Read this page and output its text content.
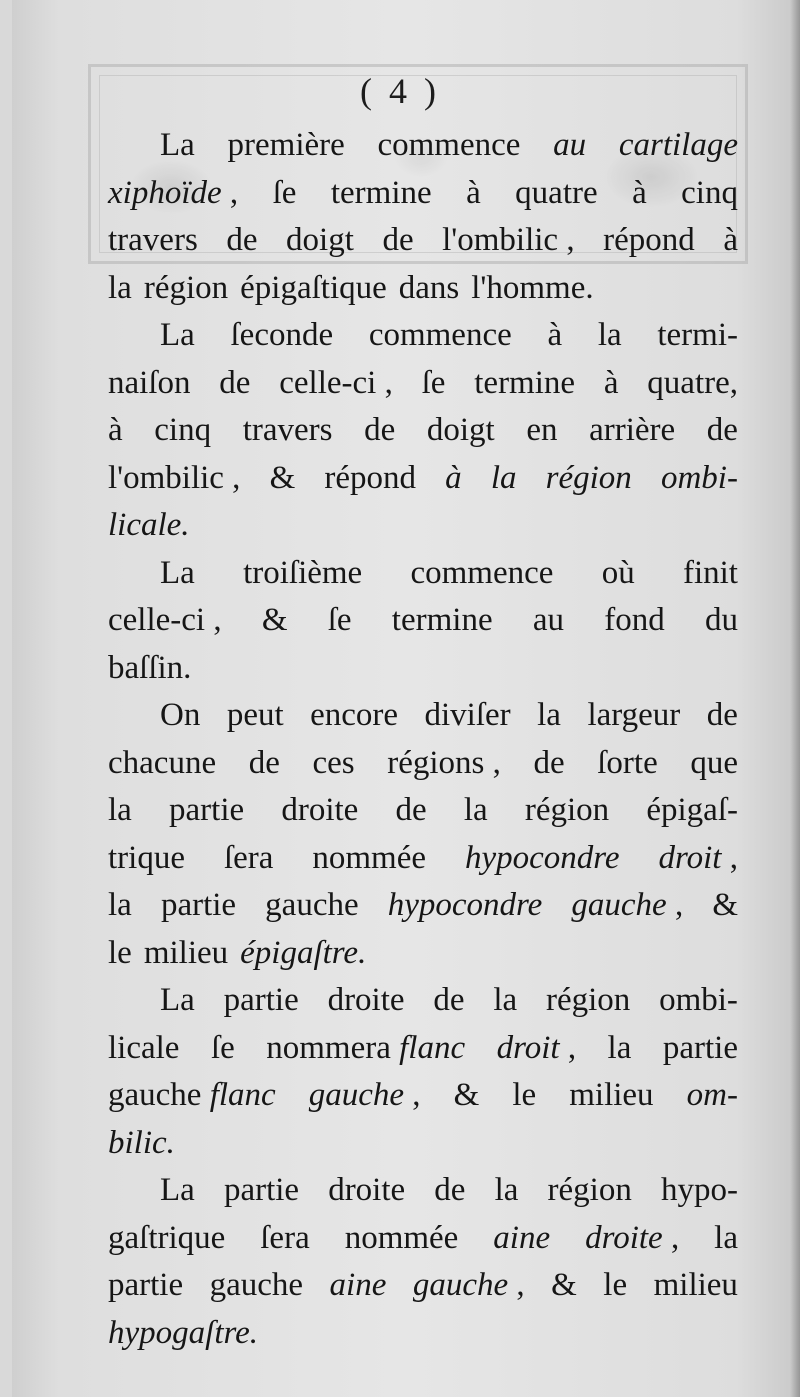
( 4 )
La première commence au cartilage
xiphoïde , ſe termine à quatre à cinq
travers de doigt de l'ombilic , répond à
la région épigaſtique dans l'homme.
La ſeconde commence à la termi-
naiſon de celle-ci , ſe termine à quatre,
à cinq travers de doigt en arrière de
l'ombilic , & répond à la région ombi-
licale.
La troiſième commence où finit
celle-ci , & ſe termine au fond du
baſſin.
On peut encore diviſer la largeur de
chacune de ces régions , de ſorte que
la partie droite de la région épigaſ-
trique ſera nommée hypocondre droit ,
la partie gauche hypocondre gauche , &
le milieu épigaſtre.
La partie droite de la région ombi-
licale ſe nommera flanc droit , la partie
gauche flanc gauche , & le milieu om-
bilic.
La partie droite de la région hypo-
gaſtrique ſera nommée aine droite , la
partie gauche aine gauche , & le milieu
hypogaſtre.
